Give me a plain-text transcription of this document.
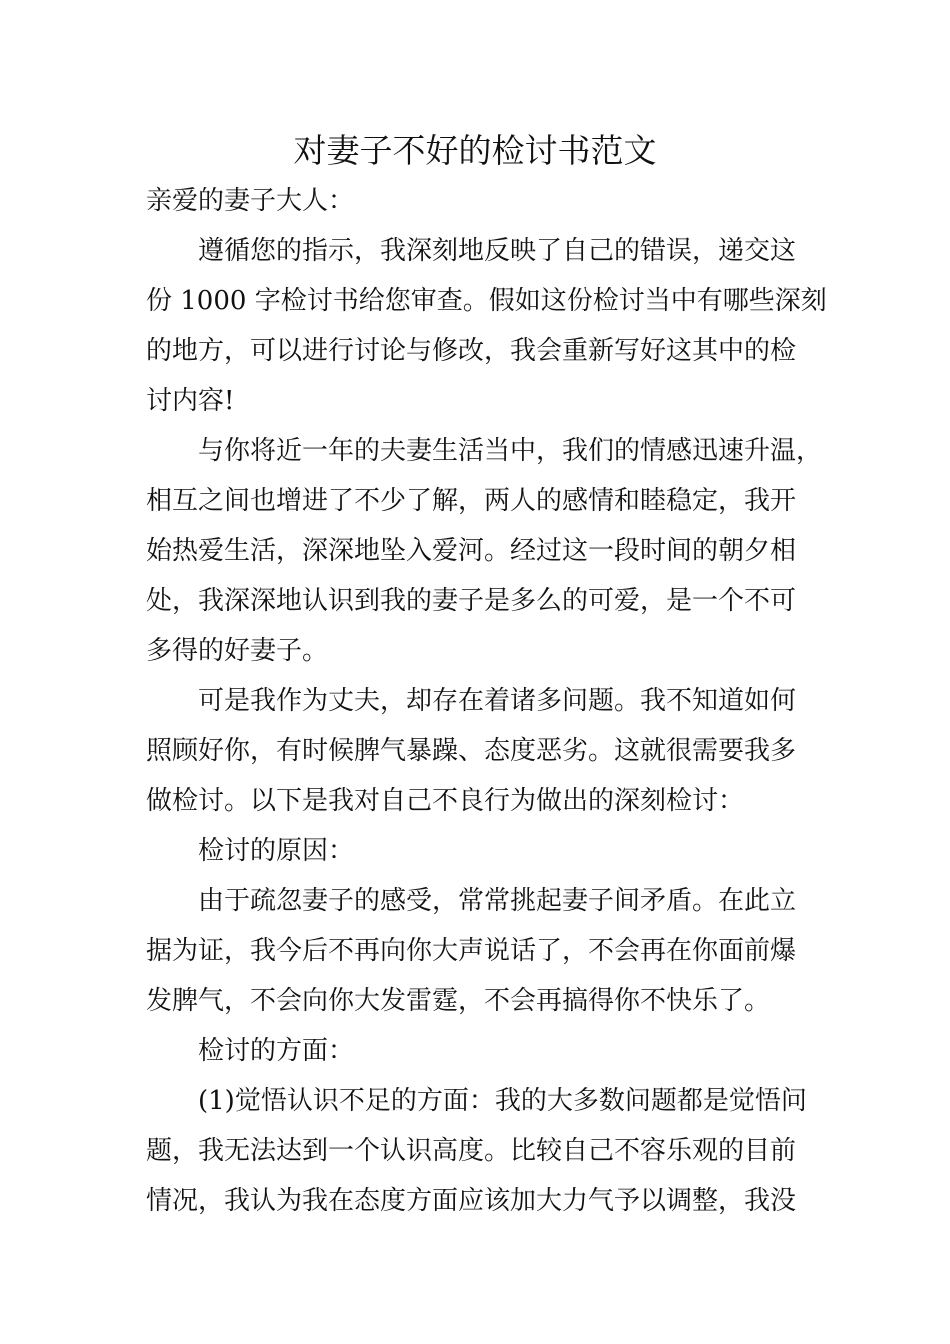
对妻子不好的检讨书范文

亲爱的妻子大人：

遵循您的指示，我深刻地反映了自己的错误，递交这

份 1000 字检讨书给您审查。假如这份检讨当中有哪些深刻

的地方，可以进行讨论与修改，我会重新写好这其中的检

讨内容!

与你将近一年的夫妻生活当中，我们的情感迅速升温，

相互之间也增进了不少了解，两人的感情和睦稳定，我开

始热爱生活，深深地坠入爱河。经过这一段时间的朝夕相

处，我深深地认识到我的妻子是多么的可爱，是一个不可

多得的好妻子。

可是我作为丈夫，却存在着诸多问题。我不知道如何

照顾好你，有时候脾气暴躁、态度恶劣。这就很需要我多

做检讨。以下是我对自己不良行为做出的深刻检讨：

检讨的原因：

由于疏忽妻子的感受，常常挑起妻子间矛盾。在此立

据为证，我今后不再向你大声说话了，不会再在你面前爆

发脾气，不会向你大发雷霆，不会再搞得你不快乐了。

检讨的方面：

(1)觉悟认识不足的方面：我的大多数问题都是觉悟问

题，我无法达到一个认识高度。比较自己不容乐观的目前

情况，我认为我在态度方面应该加大力气予以调整，我没
